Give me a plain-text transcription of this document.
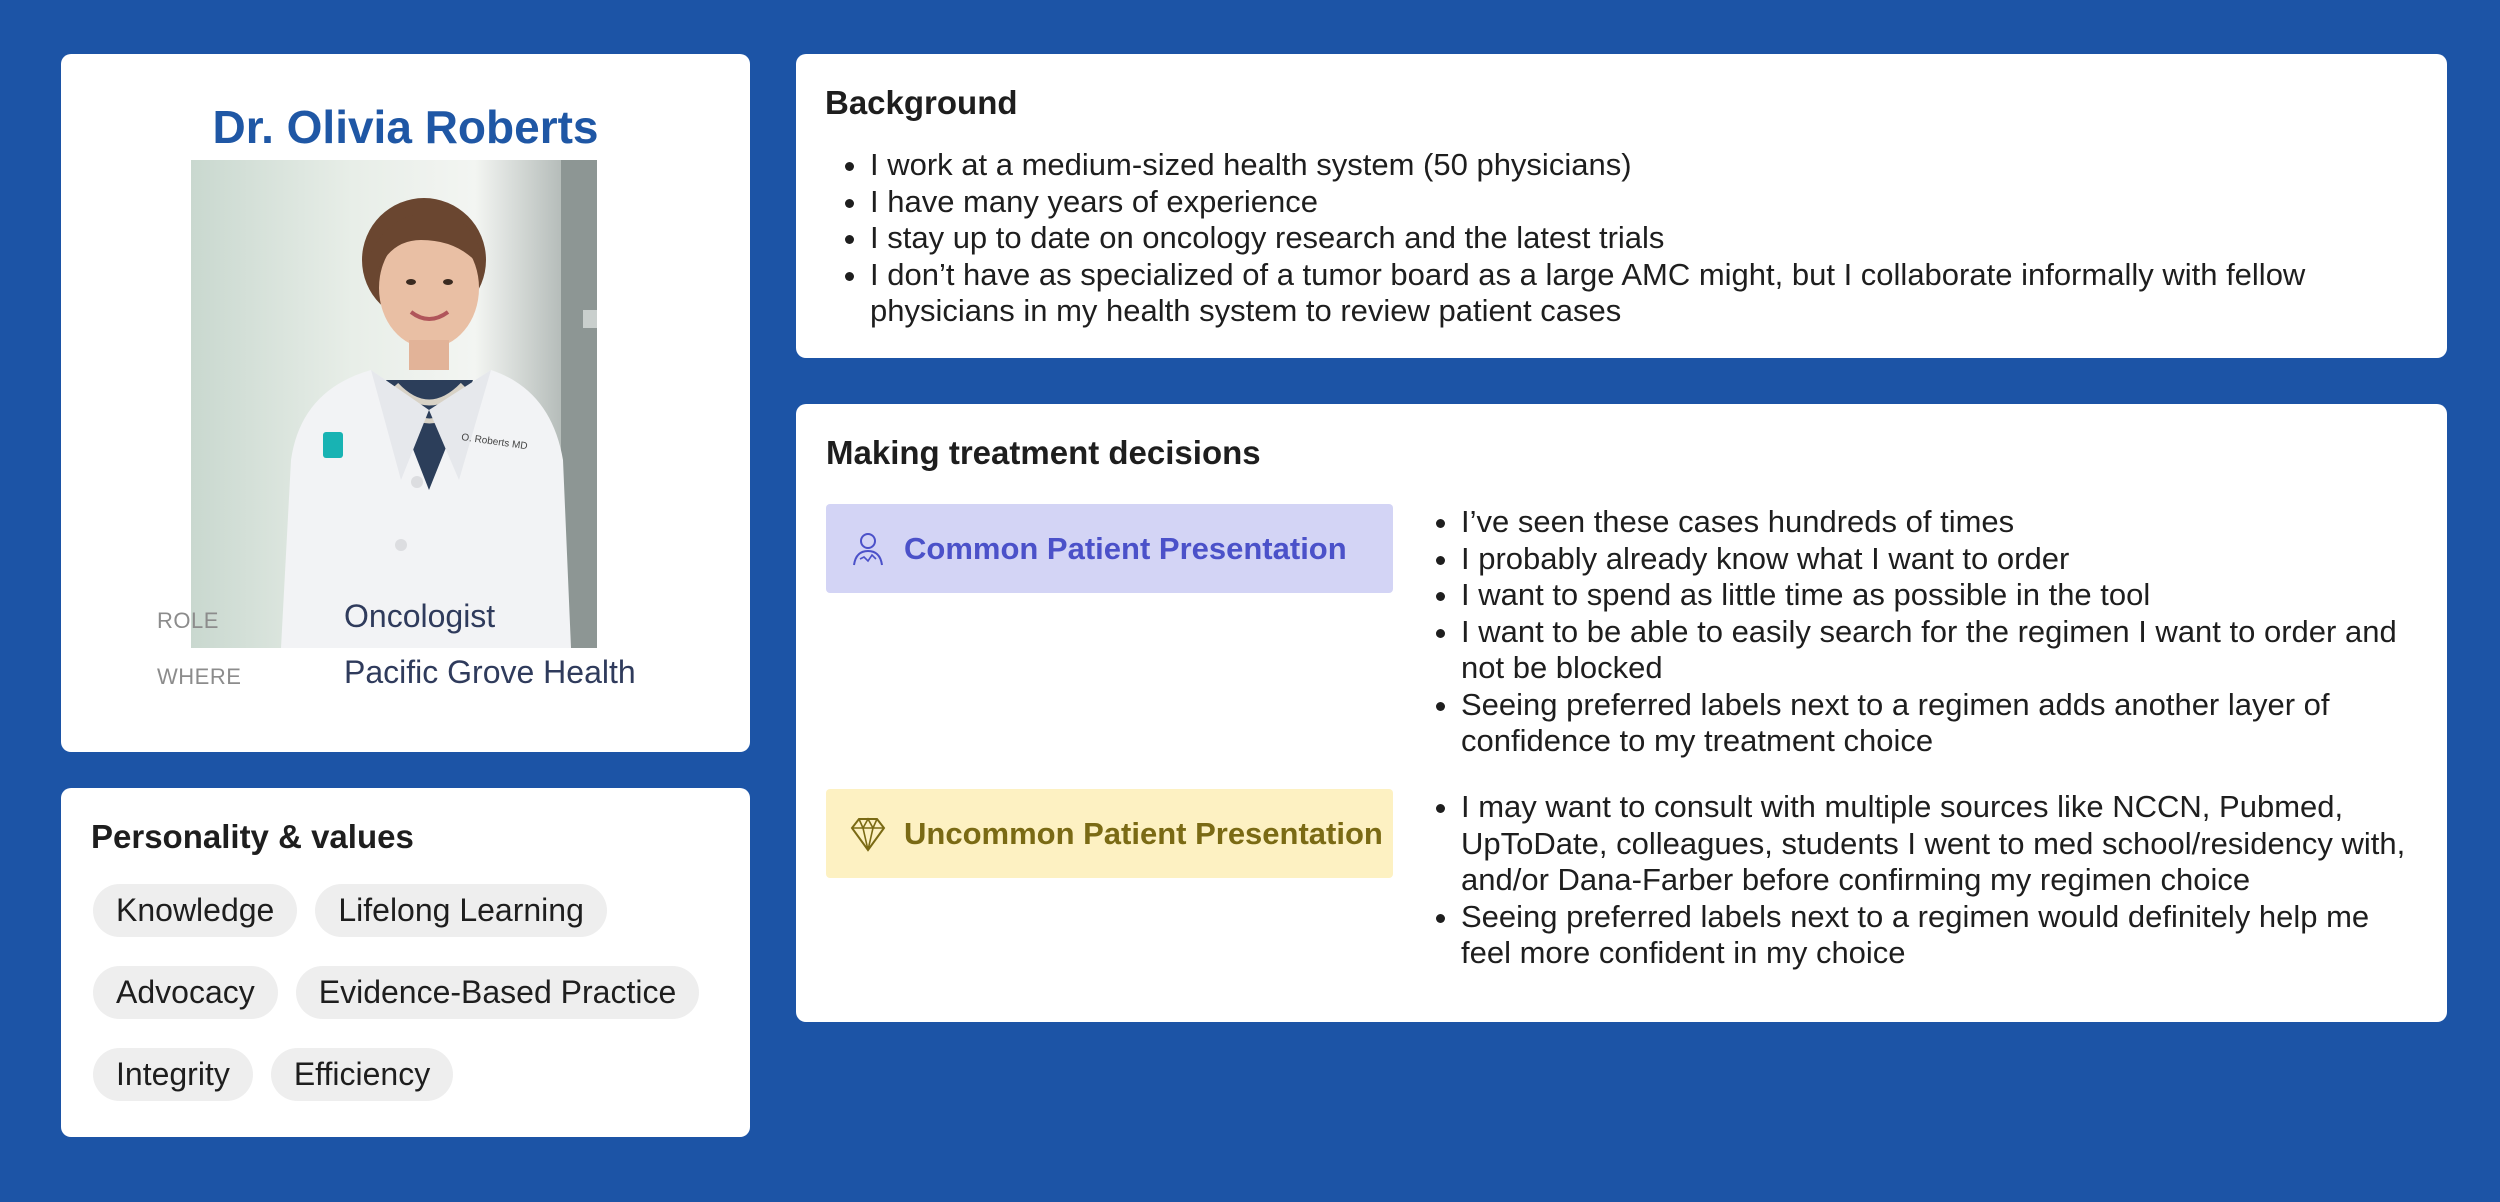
Dr. Olivia Roberts
O. Roberts MD
ROLE	Oncologist
WHERE	Pacific Grove Health
Personality & values
Knowledge	Lifelong Learning
Advocacy	Evidence-Based Practice
Integrity	Efficiency
Background
• I work at a medium-sized health system (50 physicians)
• I have many years of experience
• I stay up to date on oncology research and the latest trials
• I don’t have as specialized of a tumor board as a large AMC might, but I collaborate informally with fellow physicians in my health system to review patient cases
Making treatment decisions
Common Patient Presentation
• I’ve seen these cases hundreds of times
• I probably already know what I want to order
• I want to spend as little time as possible in the tool
• I want to be able to easily search for the regimen I want to order and not be blocked
• Seeing preferred labels next to a regimen adds another layer of confidence to my treatment choice
Uncommon Patient Presentation
• I may want to consult with multiple sources like NCCN, Pubmed, UpToDate, colleagues, students I went to med school/residency with, and/or Dana-Farber before confirming my regimen choice
• Seeing preferred labels next to a regimen would definitely help me feel more confident in my choice
